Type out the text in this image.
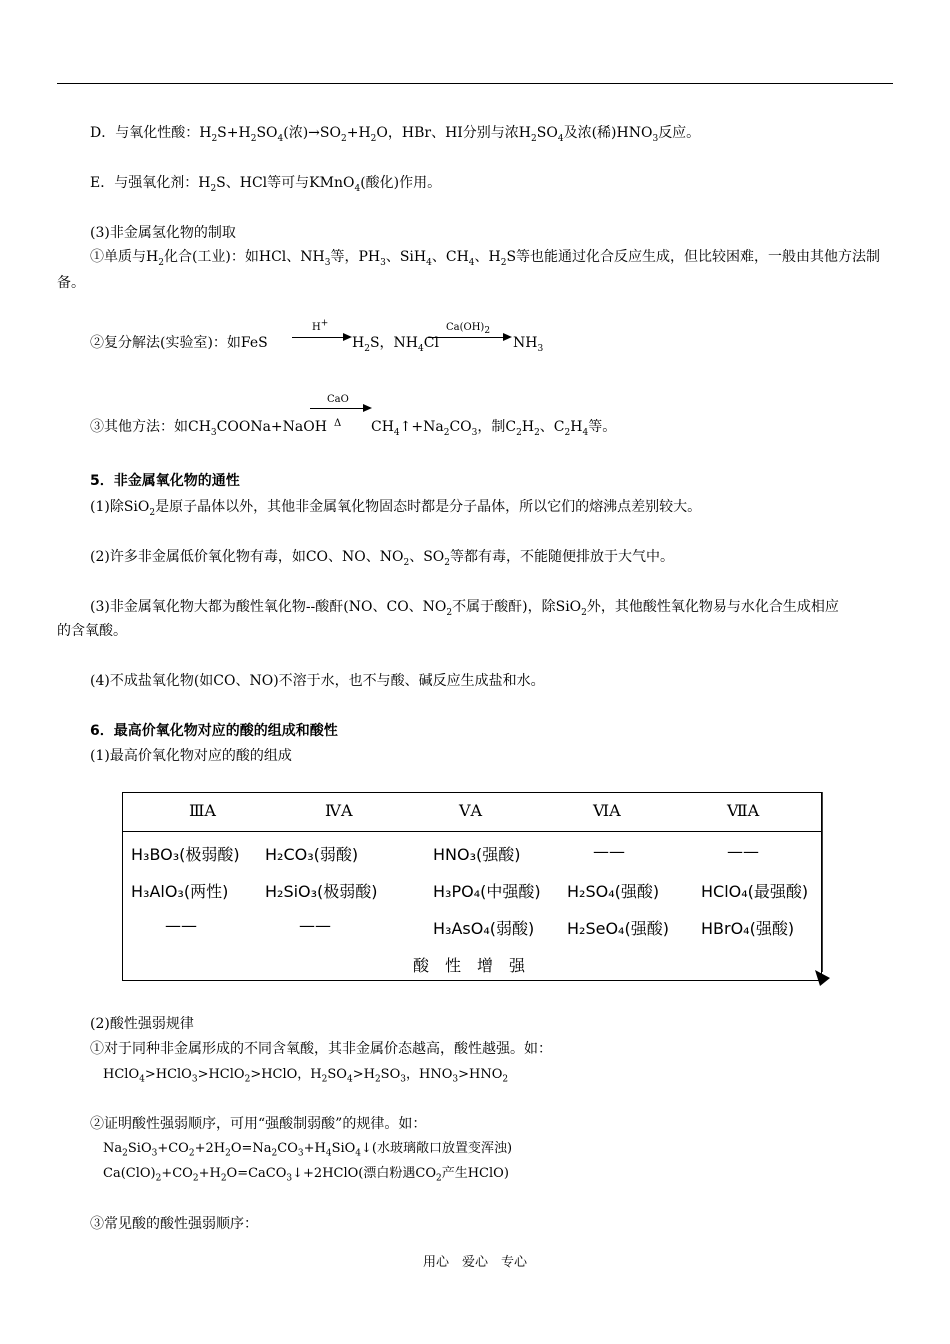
D．与氧化性酸：$H_2S+H_2SO_4$(浓)$\to SO_2+H_2O$，HBr、HI分别与浓$H_2SO_4$及浓(稀)$HNO_3$反应。
E．与强氧化剂：$H_2S$、HCl等可与KMnO$_4$(酸化)作用。
(3)非金属氢化物的制取
①单质与$H_2$化合(工业)：如HCl、$NH_3$等，$PH_3$、SiH$_4$、$CH_4$、$H_2S$等也能通过化合反应生成，但比较困难，一般由其他方法制
备。
②复分解法(实验室)：如FeS
H+
$H_2S$，$NH_4Cl$
$Ca(OH)_2$
$NH_3$
③其他方法：如$CH_3COONa+NaOH$
CaO
Δ $CH_4↑+Na_2CO_3$，制$C_2H_2$、$C_2H_4$等。
5．非金属氧化物的通性
(1)除SiO$_2$是原子晶体以外，其他非金属氧化物固态时都是分子晶体，所以它们的熔沸点差别较大。
(2)许多非金属低价氧化物有毒，如CO、NO、$NO_2$、$SO_2$等都有毒，不能随便排放于大气中。
(3)非金属氧化物大都为酸性氧化物--酸酐(NO、CO、$NO_2$不属于酸酐)，除SiO$_2$外，其他酸性氧化物易与水化合生成相应
的含氧酸。
(4)不成盐氧化物(如CO、NO)不溶于水，也不与酸、碱反应生成盐和水。
6．最高价氧化物对应的酸的组成和酸性
(1)最高价氧化物对应的酸的组成
ⅢA	ⅣA	ⅤA	ⅥA	ⅦA
H₃BO₃(极弱酸) H₂CO₃(弱酸)	HNO₃(强酸)	——	——
H₃AlO₃(两性) H₂SiO₃(极弱酸)	H₃PO₄(中强酸) H₂SO₄(强酸)	HClO₄(最强酸)
——	——	H₃AsO₄(弱酸) H₂SeO₄(强酸) HBrO₄(强酸)
酸　性　增　强
(2)酸性强弱规律
①对于同种非金属形成的不同含氧酸，其非金属价态越高，酸性越强。如：
HClO$_4$>HClO$_3$>HClO$_2$>HClO，$H_2SO_4>H_2SO_3$，$HNO_3>HNO_2$
②证明酸性强弱顺序，可用“强酸制弱酸”的规律。如：
$Na_2SiO_3+CO_2+2H_2O=Na_2CO_3+H_4SiO_4↓$(水玻璃敞口放置变浑浊)
$Ca(ClO)_2+CO_2+H_2O=CaCO_3↓+2HClO$(漂白粉遇$CO_2$产生HClO)
③常见酸的酸性强弱顺序：
用心　爱心　专心
